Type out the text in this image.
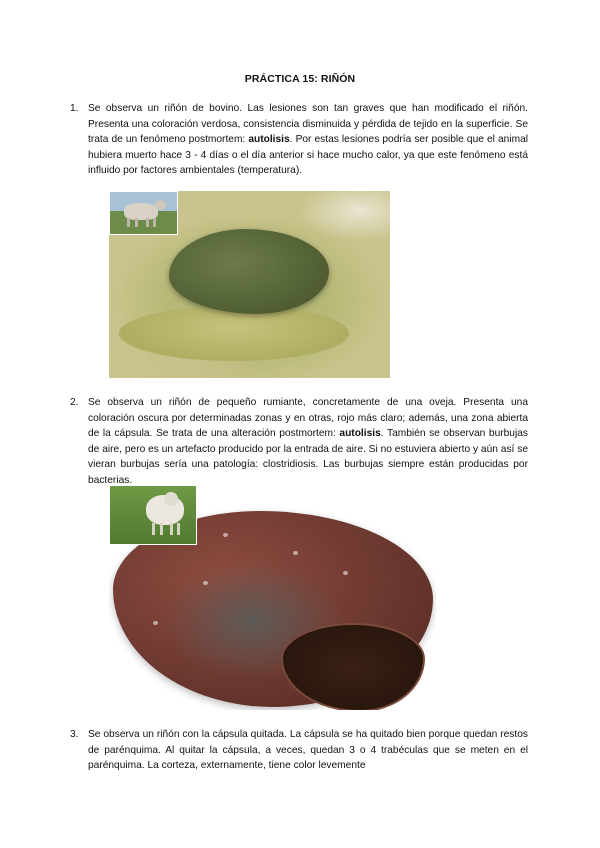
PRÁCTICA 15: RIÑÓN
1. Se observa un riñón de bovino. Las lesiones son tan graves que han modificado el riñón. Presenta una coloración verdosa, consistencia disminuida y pérdida de tejido en la superficie. Se trata de un fenómeno postmortem: autolisis. Por estas lesiones podría ser posible que el animal hubiera muerto hace 3 - 4 días o el día anterior si hace mucho calor, ya que este fenómeno está influido por factores ambientales (temperatura).

2. Se observa un riñón de pequeño rumiante, concretamente de una oveja. Presenta una coloración oscura por determinadas zonas y en otras, rojo más claro; además, una zona abierta de la cápsula. Se trata de una alteración postmortem: autolisis. También se observan burbujas de aire, pero es un artefacto producido por la entrada de aire. Si no estuviera abierto y aún así se vieran burbujas sería una patología: clostridiosis. Las burbujas siempre están producidas por bacterias.

3. Se observa un riñón con la cápsula quitada. La cápsula se ha quitado bien porque quedan restos de parénquima. Al quitar la cápsula, a veces, quedan 3 o 4 trabéculas que se meten en el parénquima. La corteza, externamente, tiene color levemente
